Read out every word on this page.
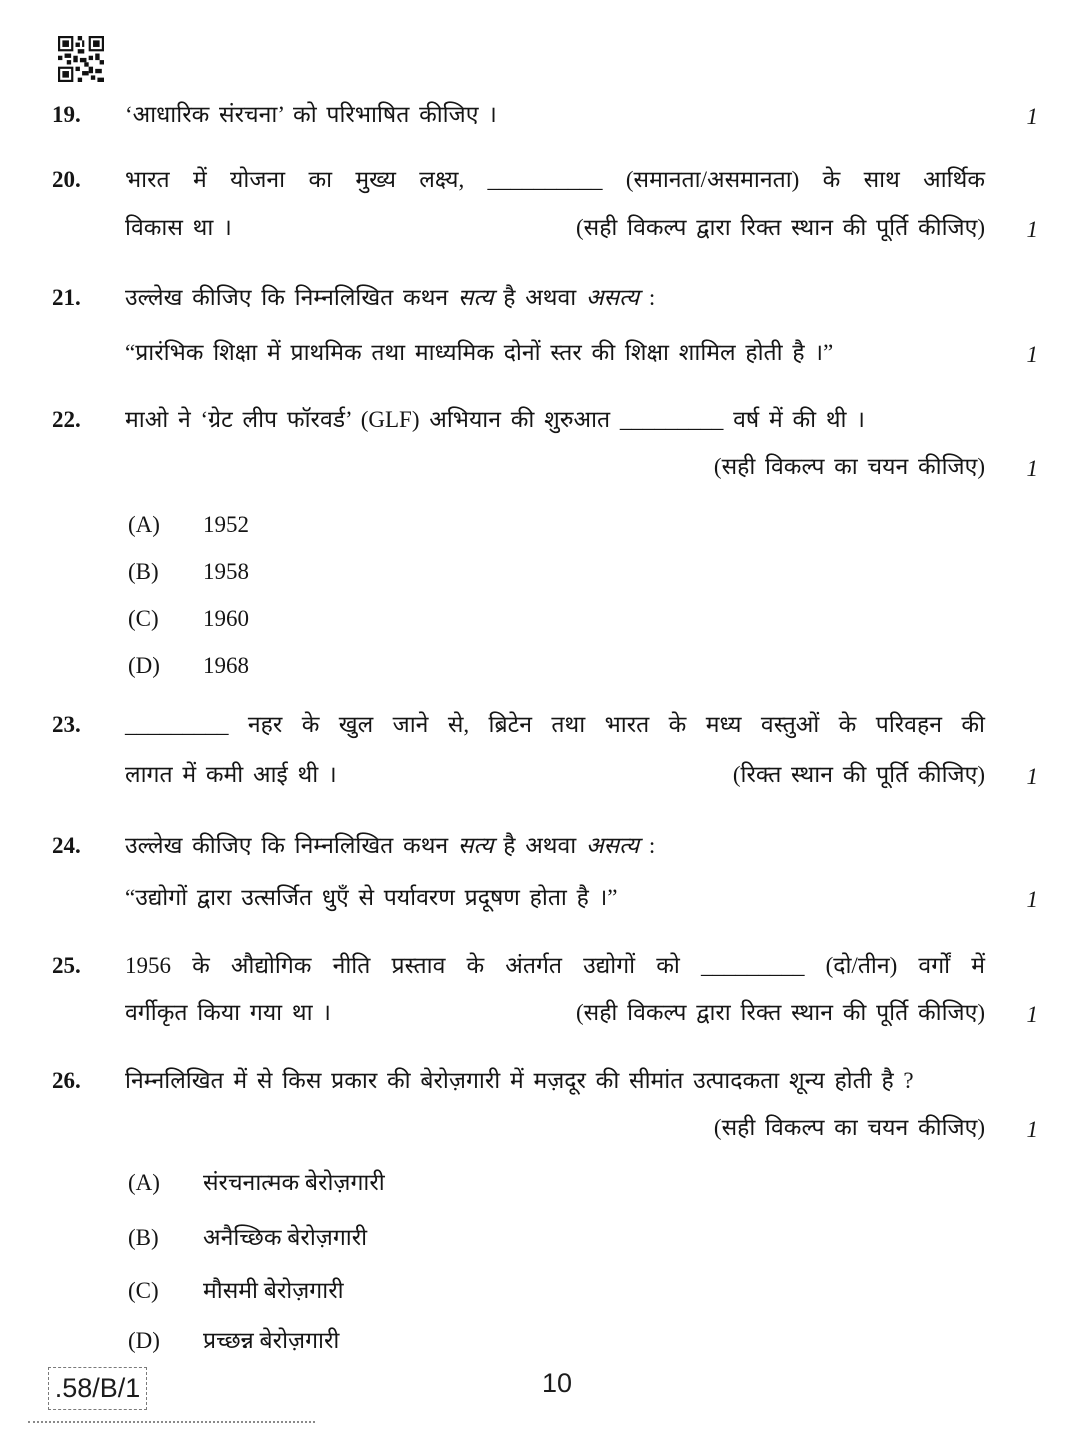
19. ‘आधारिक संरचना’ को परिभाषित कीजिए ।	1
20. भारत में योजना का मुख्य लक्ष्य, __________ (समानता/असमानता) के साथ आर्थिक
विकास था ।	(सही विकल्प द्वारा रिक्त स्थान की पूर्ति कीजिए)	1
21. उल्लेख कीजिए कि निम्नलिखित कथन सत्य है अथवा असत्य :
“प्रारंभिक शिक्षा में प्राथमिक तथा माध्यमिक दोनों स्तर की शिक्षा शामिल होती है ।”	1
22. माओ ने ‘ग्रेट लीप फॉरवर्ड’ (GLF) अभियान की शुरुआत _________ वर्ष में की थी ।
(सही विकल्प का चयन कीजिए)	1
(A) 1952
(B) 1958
(C) 1960
(D) 1968
23. _________ नहर के खुल जाने से, ब्रिटेन तथा भारत के मध्य वस्तुओं के परिवहन की
लागत में कमी आई थी ।	(रिक्त स्थान की पूर्ति कीजिए)	1
24. उल्लेख कीजिए कि निम्नलिखित कथन सत्य है अथवा असत्य :
“उद्योगों द्वारा उत्सर्जित धुएँ से पर्यावरण प्रदूषण होता है ।”	1
25. 1956 के औद्योगिक नीति प्रस्ताव के अंतर्गत उद्योगों को _________ (दो/तीन) वर्गों में
वर्गीकृत किया गया था ।	(सही विकल्प द्वारा रिक्त स्थान की पूर्ति कीजिए)	1
26. निम्नलिखित में से किस प्रकार की बेरोज़गारी में मज़दूर की सीमांत उत्पादकता शून्य होती है ?
(सही विकल्प का चयन कीजिए)	1
(A) संरचनात्मक बेरोज़गारी
(B) अनैच्छिक बेरोज़गारी
(C) मौसमी बेरोज़गारी
(D) प्रच्छन्न बेरोज़गारी
.58/B/1	10
